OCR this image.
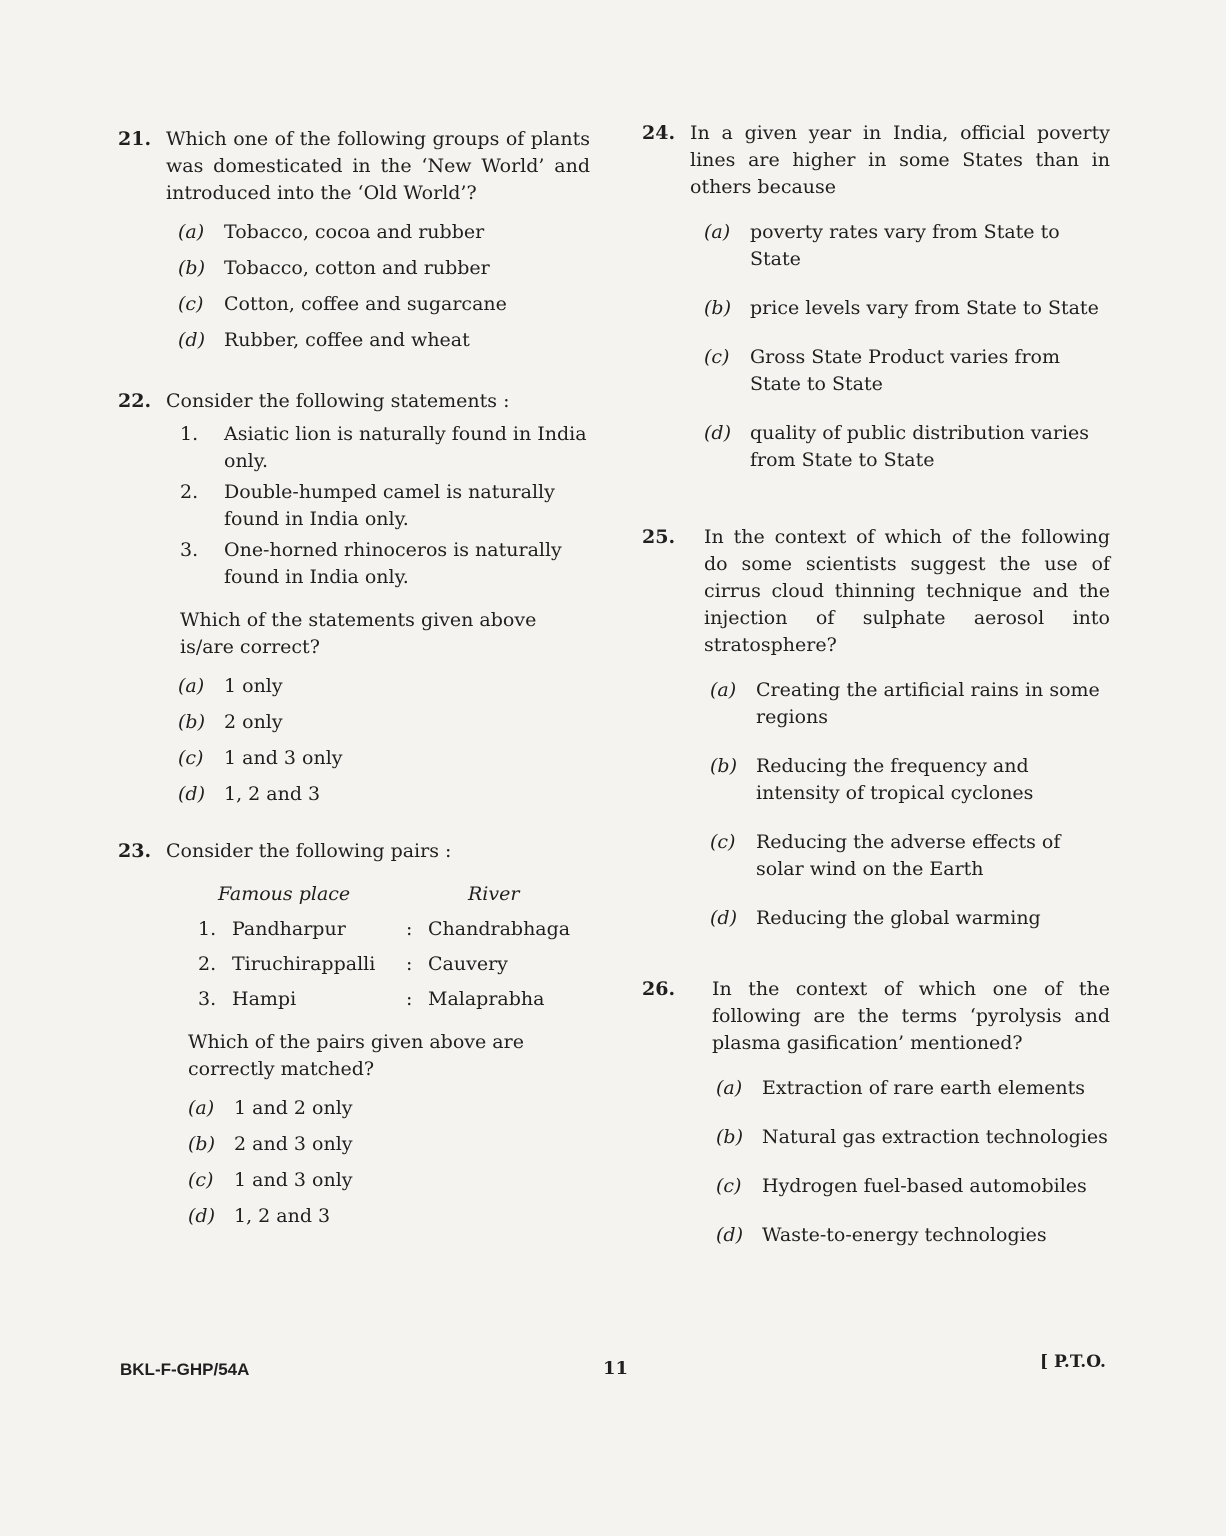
21. Which one of the following groups of plants was domesticated in the ‘New World’ and introduced into the ‘Old World’?
(a)	Tobacco, cocoa and rubber
(b)	Tobacco, cotton and rubber
(c)	Cotton, coffee and sugarcane
(d)	Rubber, coffee and wheat
22. Consider the following statements :
1.	Asiatic lion is naturally found in India only.
2.	Double-humped camel is naturally found in India only.
3.	One-horned rhinoceros is naturally found in India only.
Which of the statements given above is/are correct?
(a)	1 only
(b)	2 only
(c)	1 and 3 only
(d)	1, 2 and 3
23. Consider the following pairs :
Famous place	River
1. Pandharpur	: Chandrabhaga
2. Tiruchirappalli	: Cauvery
3. Hampi	: Malaprabha
Which of the pairs given above are correctly matched?
(a)	1 and 2 only
(b)	2 and 3 only
(c)	1 and 3 only
(d)	1, 2 and 3
24. In a given year in India, official poverty lines are higher in some States than in others because
(a)	poverty rates vary from State to State
(b)	price levels vary from State to State
(c)	Gross State Product varies from State to State
(d)	quality of public distribution varies from State to State
25. In the context of which of the following do some scientists suggest the use of cirrus cloud thinning technique and the injection of sulphate aerosol into stratosphere?
(a)	Creating the artificial rains in some regions
(b)	Reducing the frequency and intensity of tropical cyclones
(c)	Reducing the adverse effects of solar wind on the Earth
(d)	Reducing the global warming
26. In the context of which one of the following are the terms ‘pyrolysis and plasma gasification’ mentioned?
(a)	Extraction of rare earth elements
(b)	Natural gas extraction technologies
(c)	Hydrogen fuel-based automobiles
(d)	Waste-to-energy technologies
BKL-F-GHP/54A	11	[ P.T.O.
